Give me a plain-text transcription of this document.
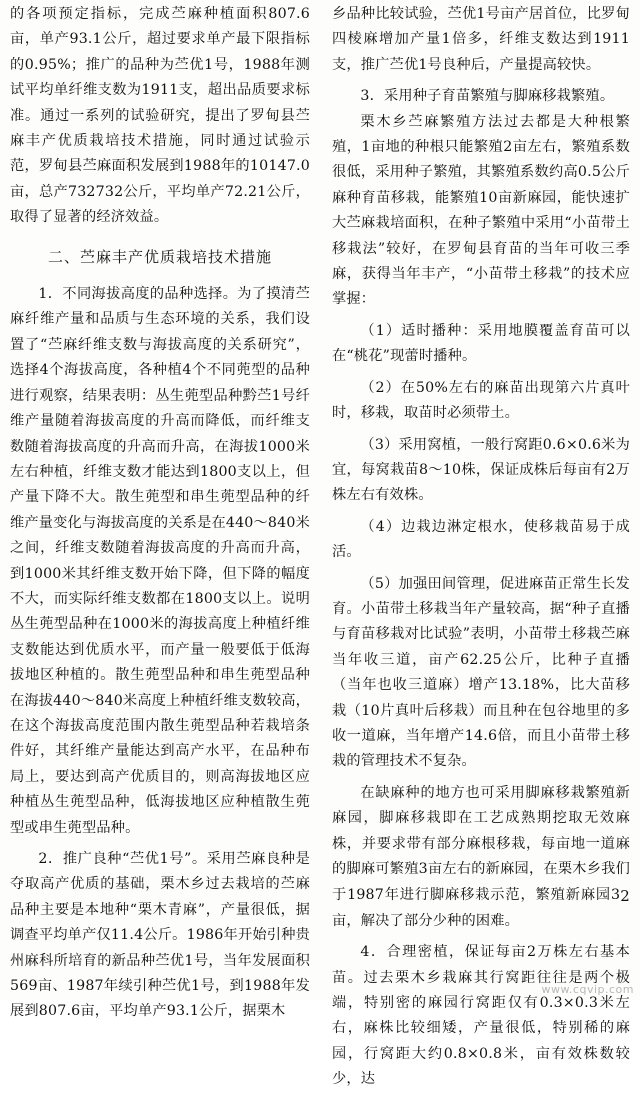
的各项预定指标，完成苎麻种植面积807.6亩，单产93.1公斤，超过要求单产最下限指标的0.95%；推广的品种为苎优1号，1988年测试平均单纤维支数为1911支，超出品质要求标准。通过一系列的试验研究，提出了罗甸县苎麻丰产优质栽培技术措施，同时通过试验示范，罗甸县苎麻面积发展到1988年的10147.0亩，总产732732公斤，平均单产72.21公斤，取得了显著的经济效益。

二、苎麻丰产优质栽培技术措施

1．不同海拔高度的品种选择。为了摸清苎麻纤维产量和品质与生态环境的关系，我们设置了“苎麻纤维支数与海拔高度的关系研究”，选择4个海拔高度，各种植4个不同蔸型的品种进行观察，结果表明：丛生蔸型品种黔苎1号纤维产量随着海拔高度的升高而降低，而纤维支数随着海拔高度的升高而升高，在海拔1000米左右种植，纤维支数才能达到1800支以上，但产量下降不大。散生蔸型和串生蔸型品种的纤维产量变化与海拔高度的关系是在440～840米之间，纤维支数随着海拔高度的升高而升高，到1000米其纤维支数开始下降，但下降的幅度不大，而实际纤维支数都在1800支以上。说明丛生蔸型品种在1000米的海拔高度上种植纤维支数能达到优质水平，而产量一般要低于低海拔地区种植的。散生蔸型品种和串生蔸型品种在海拔440～840米高度上种植纤维支数较高，在这个海拔高度范围内散生蔸型品种若栽培条件好，其纤维产量能达到高产水平，在品种布局上，要达到高产优质目的，则高海拔地区应种植丛生蔸型品种，低海拔地区应种植散生蔸型或串生蔸型品种。

2．推广良种“苎优1号”。采用苎麻良种是夺取高产优质的基础，栗木乡过去栽培的苎麻品种主要是本地种“栗木青麻”，产量很低，据调查平均单产仅11.4公斤。1986年开始引种贵州麻科所培育的新品种苎优1号，当年发展面积569亩、1987年续引种苎优1号，到1988年发展到807.6亩，平均单产93.1公斤，据栗木

乡品种比较试验，苎优1号亩产居首位，比罗甸四棱麻增加产量1倍多，纤维支数达到1911支，推广苎优1号良种后，产量提高较快。

3．采用种子育苗繁殖与脚麻移栽繁殖。

栗木乡苎麻繁殖方法过去都是大种根繁殖，1亩地的种根只能繁殖2亩左右，繁殖系数很低，采用种子繁殖，其繁殖系数约高0.5公斤麻种育苗移栽，能繁殖10亩新麻园，能快速扩大苎麻栽培面积，在种子繁殖中采用“小苗带土移栽法”较好，在罗甸县育苗的当年可收三季麻，获得当年丰产，“小苗带土移栽”的技术应掌握：

（1）适时播种：采用地膜覆盖育苗可以在“桃花”现蕾时播种。

（2）在50%左右的麻苗出现第六片真叶时，移栽，取苗时必须带土。

（3）采用窝植，一般行窝距0.6×0.6米为宜，每窝栽苗8～10株，保证成株后每亩有2万株左右有效株。

（4）边栽边淋定根水，使移栽苗易于成活。

（5）加强田间管理，促进麻苗正常生长发育。小苗带土移栽当年产量较高，据“种子直播与育苗移栽对比试验”表明，小苗带土移栽苎麻当年收三道，亩产62.25公斤，比种子直播（当年也收三道麻）增产13.18%，比大苗移栽（10片真叶后移栽）而且种在包谷地里的多收一道麻，当年增产14.6倍，而且小苗带土移栽的管理技术不复杂。

在缺麻种的地方也可采用脚麻移栽繁殖新麻园，脚麻移栽即在工艺成熟期挖取无效麻株，并要求带有部分麻根移栽，每亩地一道麻的脚麻可繁殖3亩左右的新麻园，在栗木乡我们于1987年进行脚麻移栽示范，繁殖新麻园32亩，解决了部分少种的困难。

4．合理密植，保证每亩2万株左右基本苗。过去栗木乡栽麻其行窝距往往是两个极端，特别密的麻园行窝距仅有0.3×0.3米左右，麻株比较细矮，产量很低，特别稀的麻园，行窝距大约0.8×0.8米，亩有效株数较少，达

www.cqvip.com
